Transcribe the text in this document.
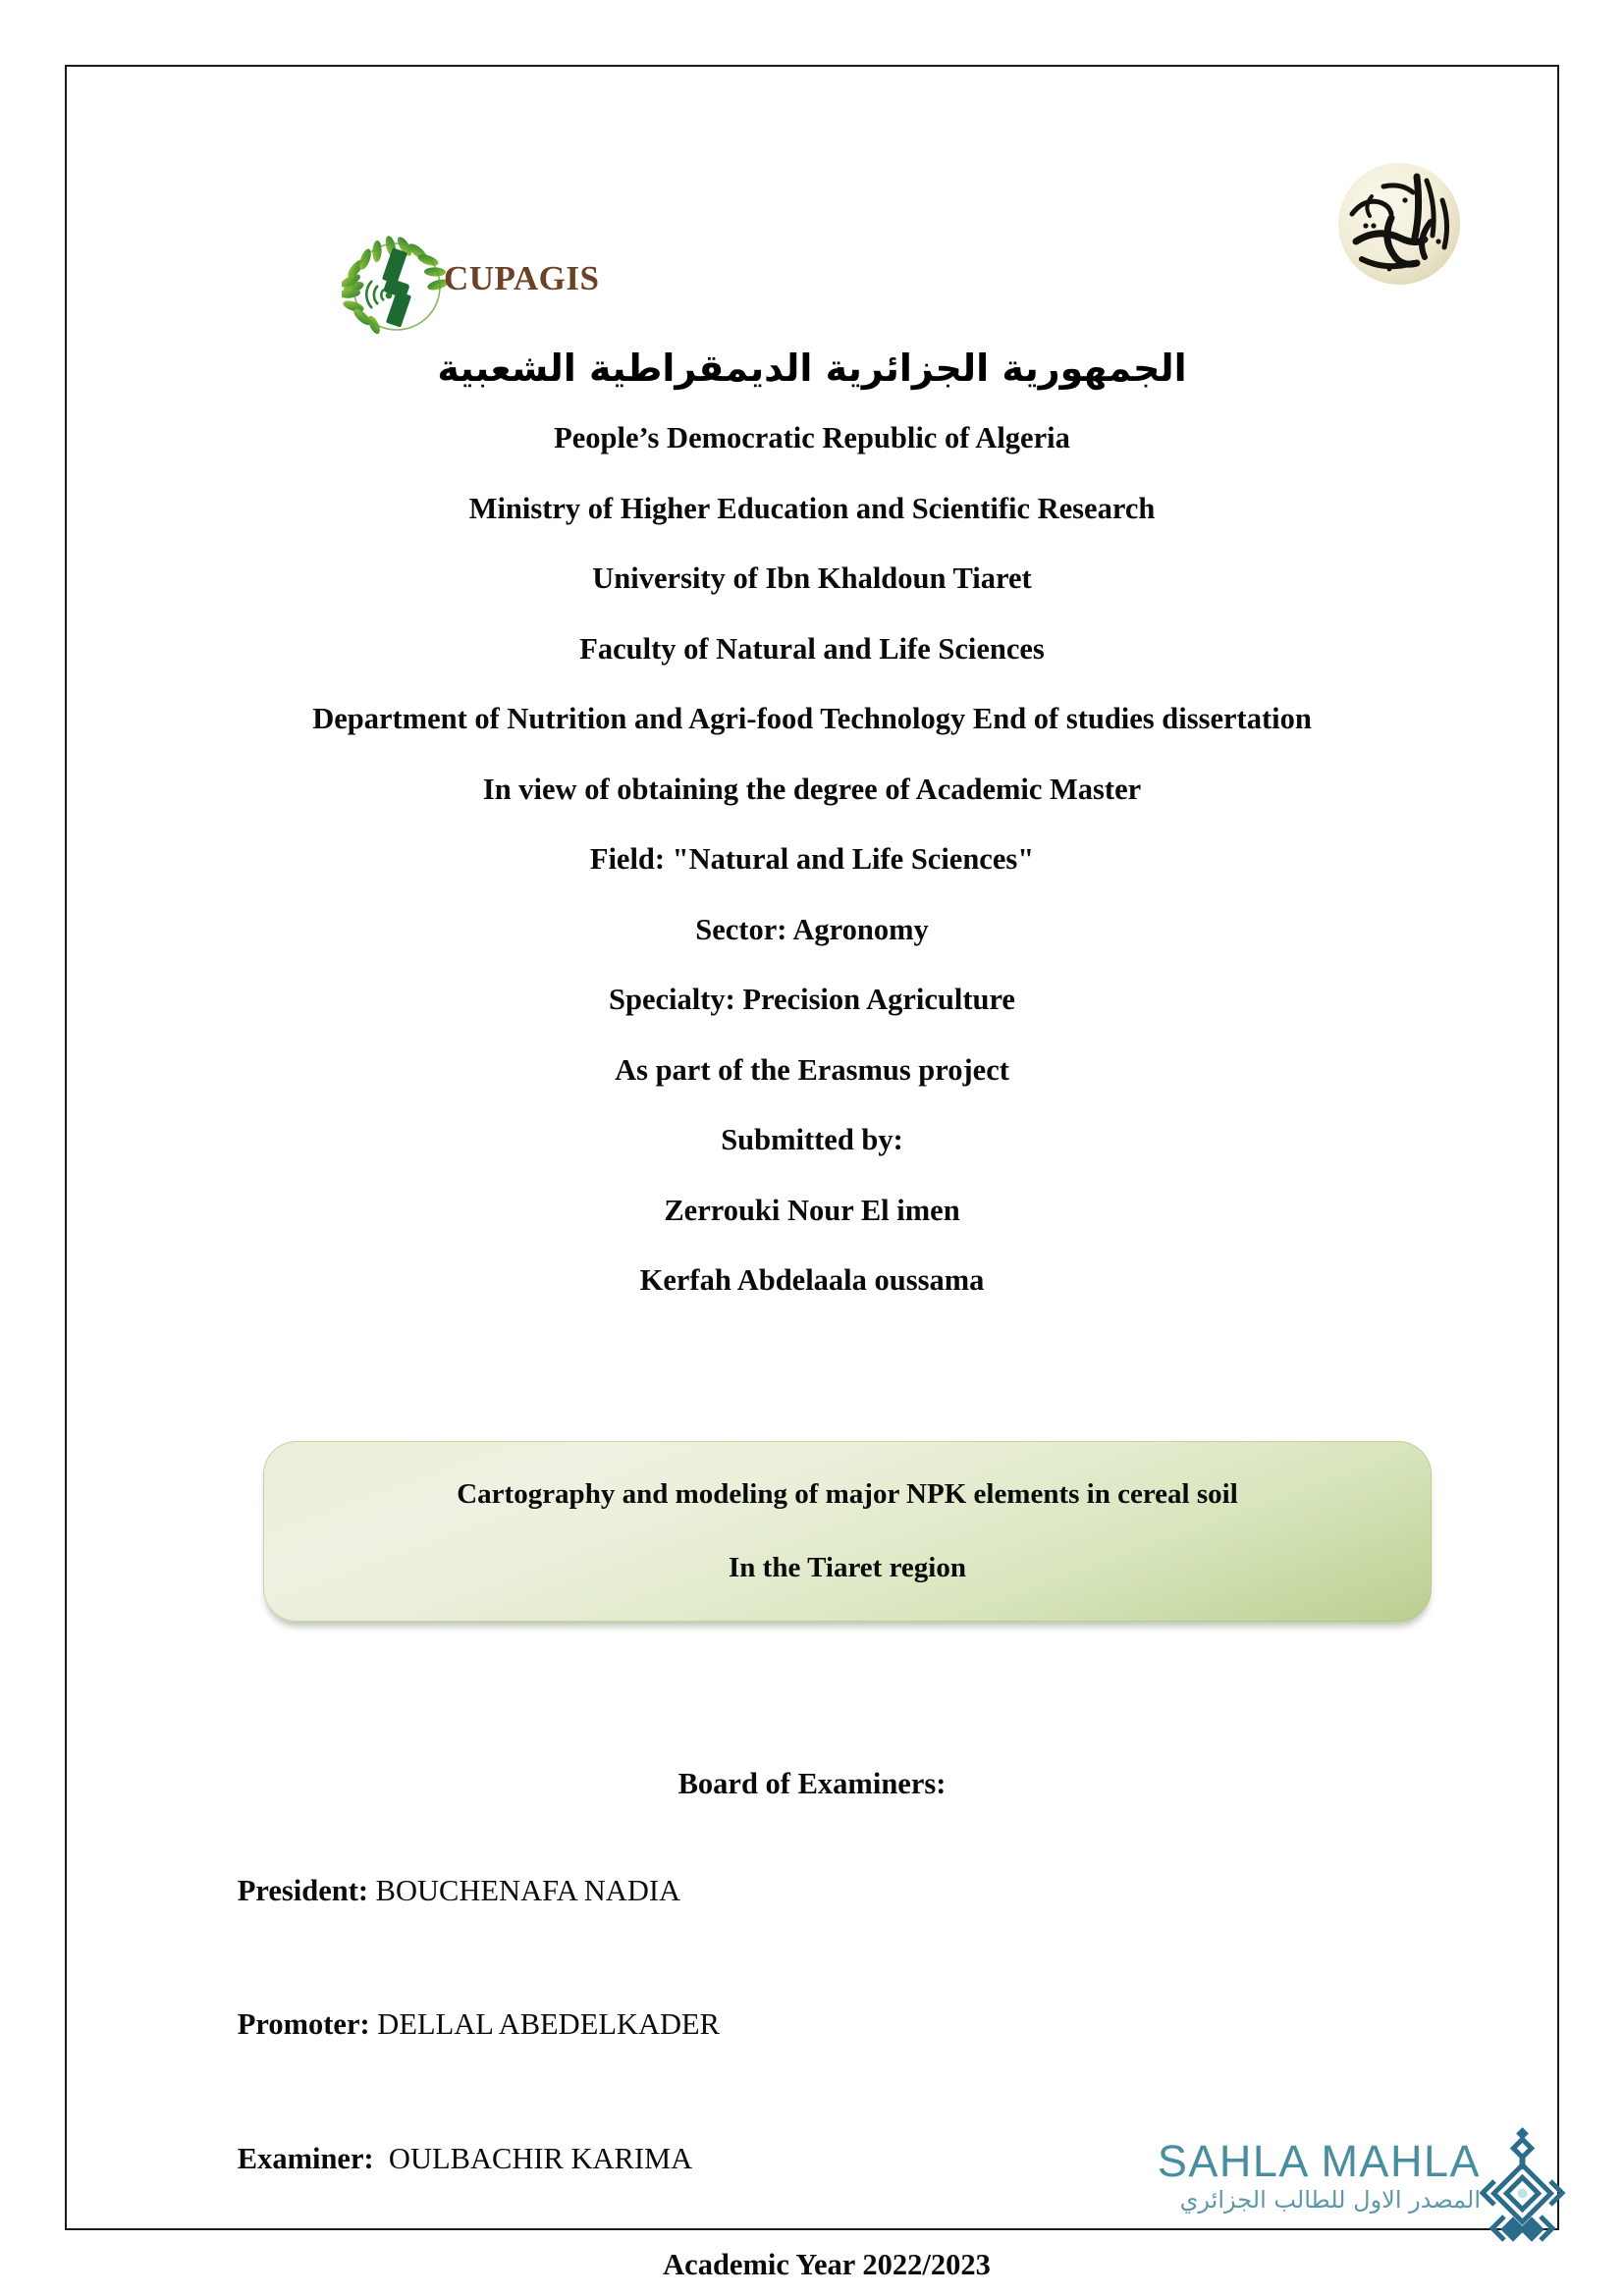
CUPAGIS
الجمهورية الجزائرية الديمقراطية الشعبية
People’s Democratic Republic of Algeria
Ministry of Higher Education and Scientific Research
University of Ibn Khaldoun Tiaret
Faculty of Natural and Life Sciences
Department of Nutrition and Agri-food Technology End of studies dissertation
In view of obtaining the degree of Academic Master
Field: "Natural and Life Sciences"
Sector: Agronomy
Specialty: Precision Agriculture
As part of the Erasmus project
Submitted by:
Zerrouki Nour El imen
Kerfah Abdelaala oussama
Cartography and modeling of major NPK elements in cereal soil
In the Tiaret region
Board of Examiners:

President: BOUCHENAFA NADIA

Promoter: DELLAL ABEDELKADER

Examiner:  OULBACHIR KARIMA

Academic Year 2022/2023
SAHLA MAHLA
المصدر الاول للطالب الجزائري
